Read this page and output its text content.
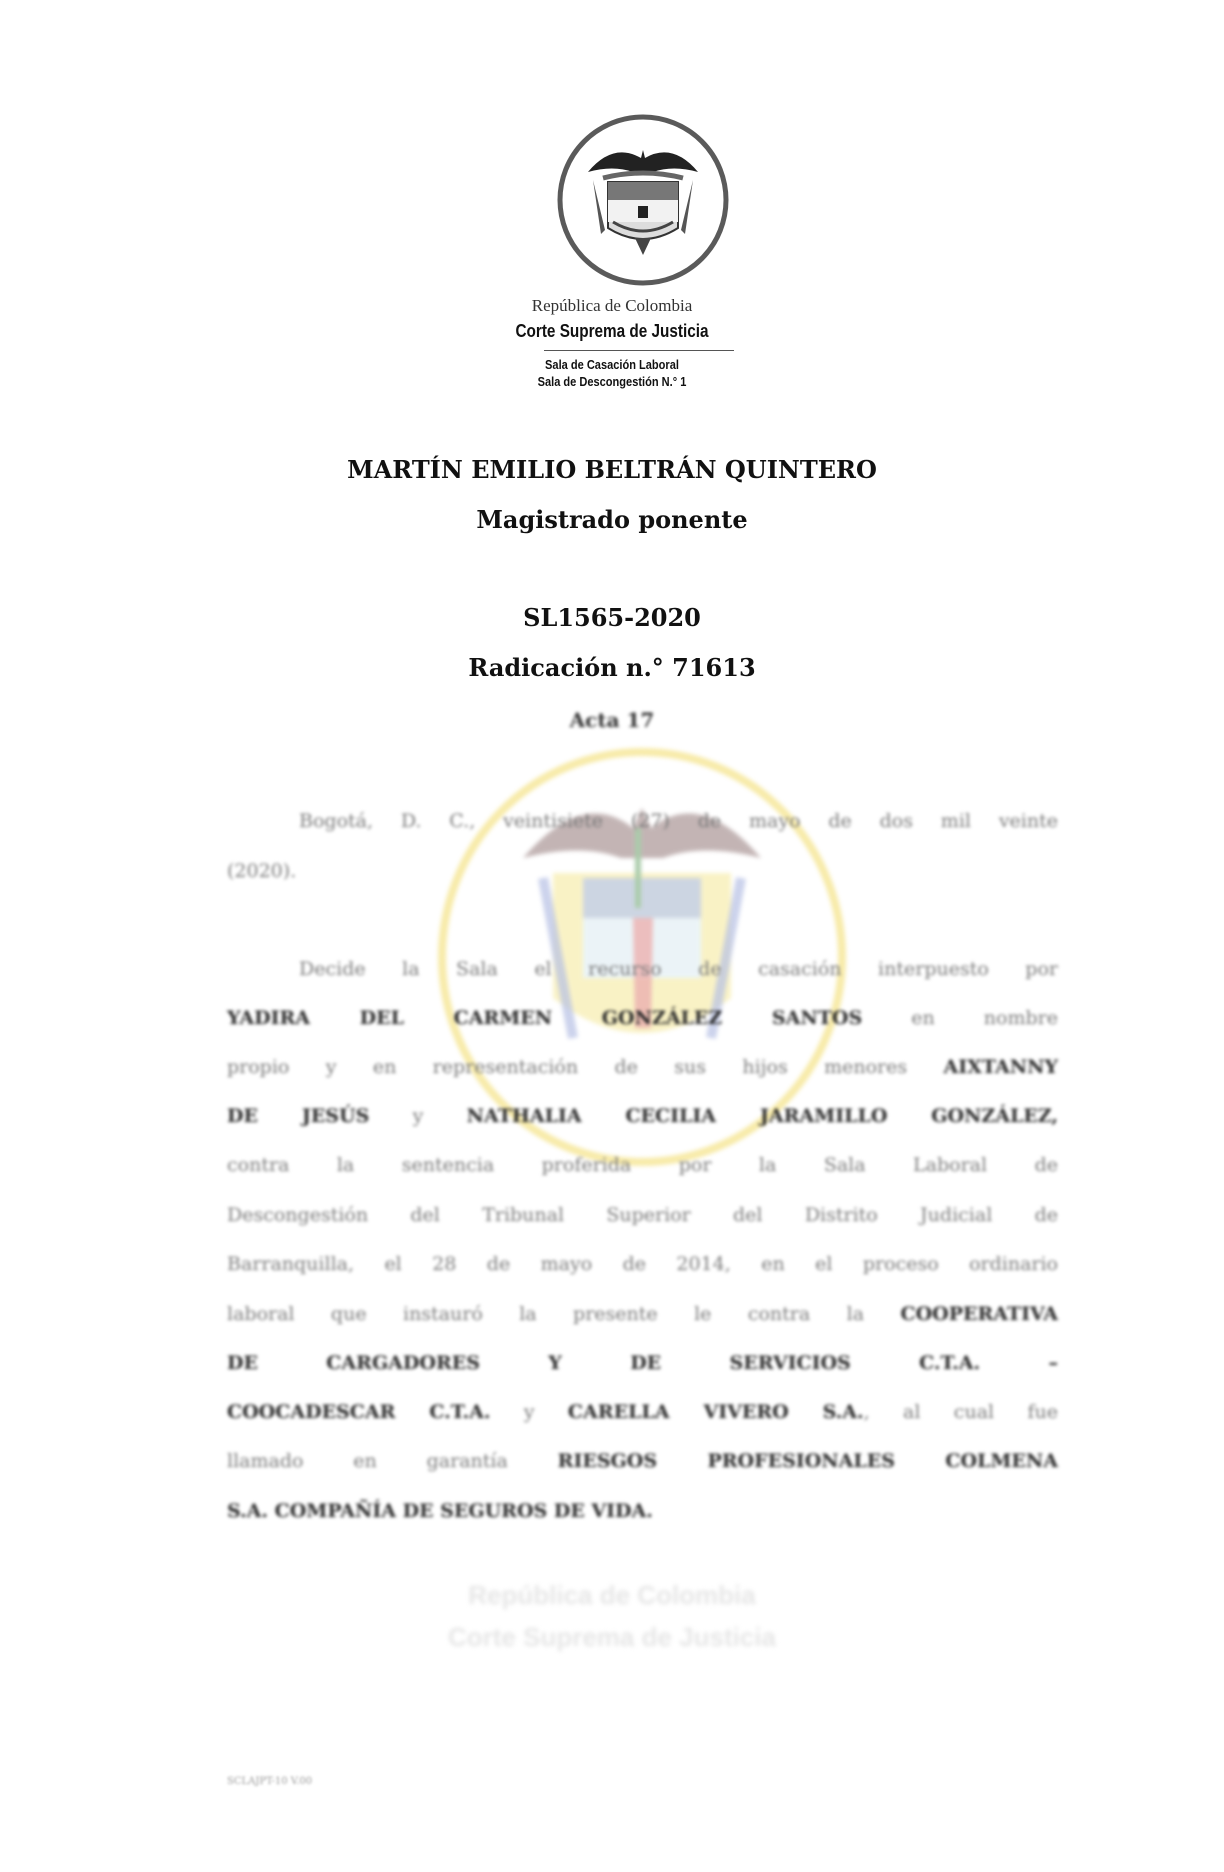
República de Colombia
Corte Suprema de Justicia
Sala de Casación Laboral
Sala de Descongestión N.° 1
MARTÍN EMILIO BELTRÁN QUINTERO
Magistrado ponente
SL1565-2020
Radicación n.° 71613
Acta 17
República de Colombia
Corte Suprema de Justicia
Bogotá, D. C., veintisiete (27) de mayo de dos mil veinte
(2020).
Decide la Sala el recurso de casación interpuesto por
YADIRA DEL CARMEN GONZÁLEZ SANTOS en nombre
propio y en representación de sus hijos menores AIXTANNY
DE JESÚS y NATHALIA CECILIA JARAMILLO GONZÁLEZ,
contra la sentencia proferida por la Sala Laboral de
Descongestión del Tribunal Superior del Distrito Judicial de
Barranquilla, el 28 de mayo de 2014, en el proceso ordinario
laboral que instauró la presente le contra la COOPERATIVA
DE CARGADORES Y DE SERVICIOS C.T.A. –
COOCADESCAR C.T.A. y CARELLA VIVERO S.A., al cual fue
llamado en garantía RIESGOS PROFESIONALES COLMENA
S.A. COMPAÑÍA DE SEGUROS DE VIDA.
SCLAJPT-10 V.00
